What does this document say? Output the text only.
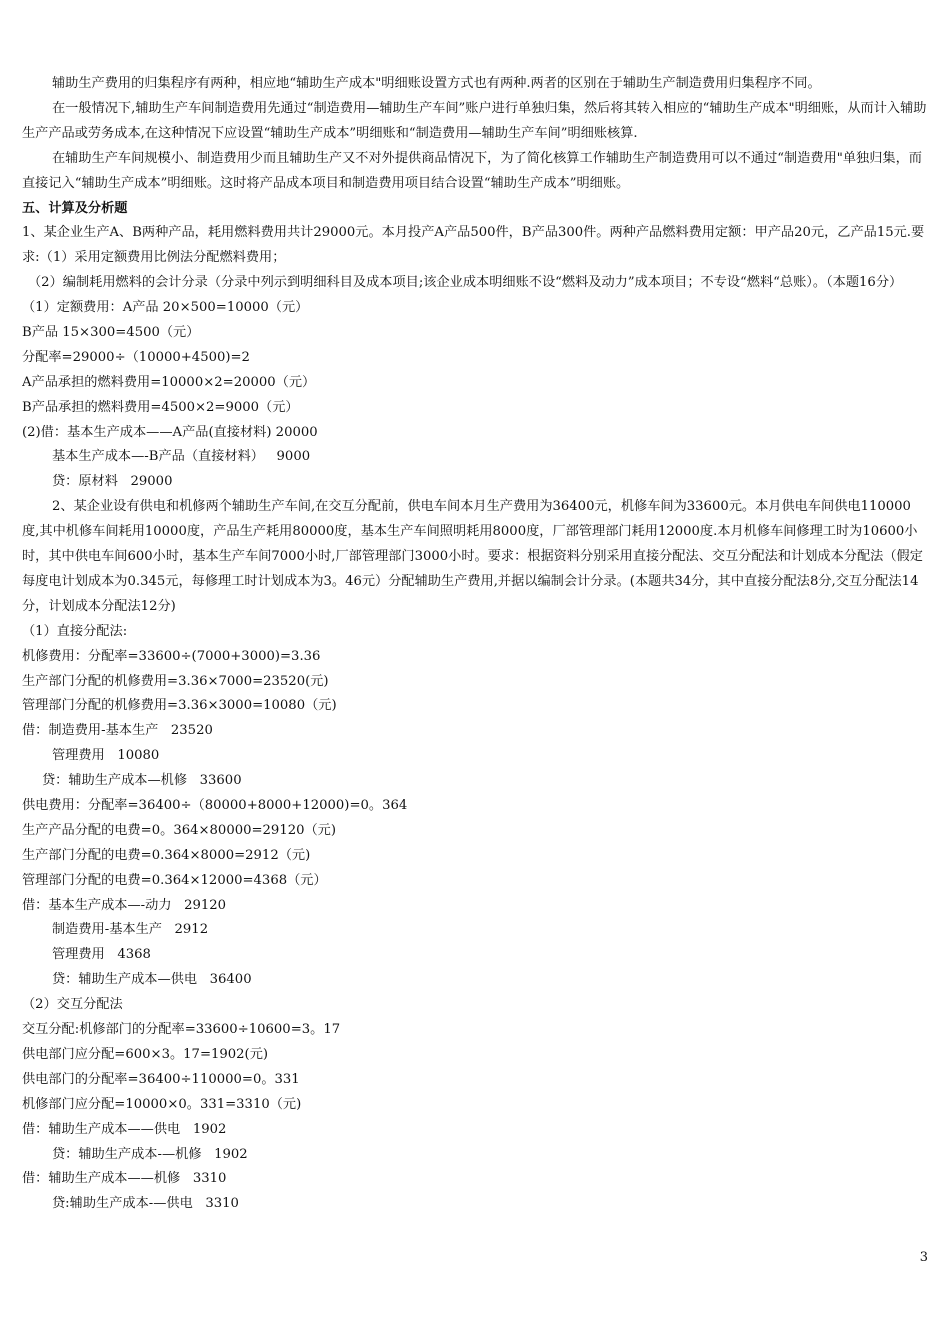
辅助生产费用的归集程序有两种，相应地“辅助生产成本"明细账设置方式也有两种.两者的区别在于辅助生产制造费用归集程序不同。
在一般情况下,辅助生产车间制造费用先通过“制造费用—辅助生产车间”账户进行单独归集，然后将其转入相应的“辅助生产成本"明细账，从而计入辅助生产产品或劳务成本,在这种情况下应设置“辅助生产成本”明细账和“制造费用—辅助生产车间”明细账核算.
在辅助生产车间规模小、制造费用少而且辅助生产又不对外提供商品情况下，为了简化核算工作辅助生产制造费用可以不通过“制造费用"单独归集，而直接记入“辅助生产成本”明细账。这时将产品成本项目和制造费用项目结合设置“辅助生产成本”明细账。
五、计算及分析题
1、某企业生产A、B两种产品，耗用燃料费用共计29000元。本月投产A产品500件，B产品300件。两种产品燃料费用定额：甲产品20元，乙产品15元.要求:（1）采用定额费用比例法分配燃料费用；
（2）编制耗用燃料的会计分录（分录中列示到明细科目及成本项目;该企业成本明细账不设“燃料及动力”成本项目；不专设“燃料“总账）。（本题16分）
（1）定额费用：A产品 20×500=10000（元）
B产品 15×300=4500（元）
分配率=29000÷（10000+4500)=2
A产品承担的燃料费用=10000×2=20000（元）
B产品承担的燃料费用=4500×2=9000（元）
(2)借：基本生产成本——A产品(直接材料) 20000
基本生产成本—-B产品（直接材料）   9000
贷：原材料   29000
2、某企业设有供电和机修两个辅助生产车间,在交互分配前，供电车间本月生产费用为36400元，机修车间为33600元。本月供电车间供电110000度,其中机修车间耗用10000度，产品生产耗用80000度，基本生产车间照明耗用8000度，厂部管理部门耗用12000度.本月机修车间修理工时为10600小时，其中供电车间600小时，基本生产车间7000小时,厂部管理部门3000小时。要求：根据资料分别采用直接分配法、交互分配法和计划成本分配法（假定每度电计划成本为0.345元，每修理工时计划成本为3。46元）分配辅助生产费用,并据以编制会计分录。(本题共34分，其中直接分配法8分,交互分配法14分，计划成本分配法12分)
（1）直接分配法:
机修费用：分配率=33600÷(7000+3000)=3.36
生产部门分配的机修费用=3.36×7000=23520(元)
管理部门分配的机修费用=3.36×3000=10080（元)
借：制造费用-基本生产   23520
管理费用   10080
贷：辅助生产成本—机修   33600
供电费用：分配率=36400÷（80000+8000+12000)=0。364
生产产品分配的电费=0。364×80000=29120（元)
生产部门分配的电费=0.364×8000=2912（元)
管理部门分配的电费=0.364×12000=4368（元）
借：基本生产成本—-动力   29120
制造费用-基本生产   2912
管理费用   4368
贷：辅助生产成本—供电   36400
（2）交互分配法
交互分配:机修部门的分配率=33600÷10600=3。17
供电部门应分配=600×3。17=1902(元)
供电部门的分配率=36400÷110000=0。331
机修部门应分配=10000×0。331=3310（元)
借：辅助生产成本——供电   1902
贷：辅助生产成本-—机修   1902
借：辅助生产成本——机修   3310
贷:辅助生产成本-—供电   3310
3
